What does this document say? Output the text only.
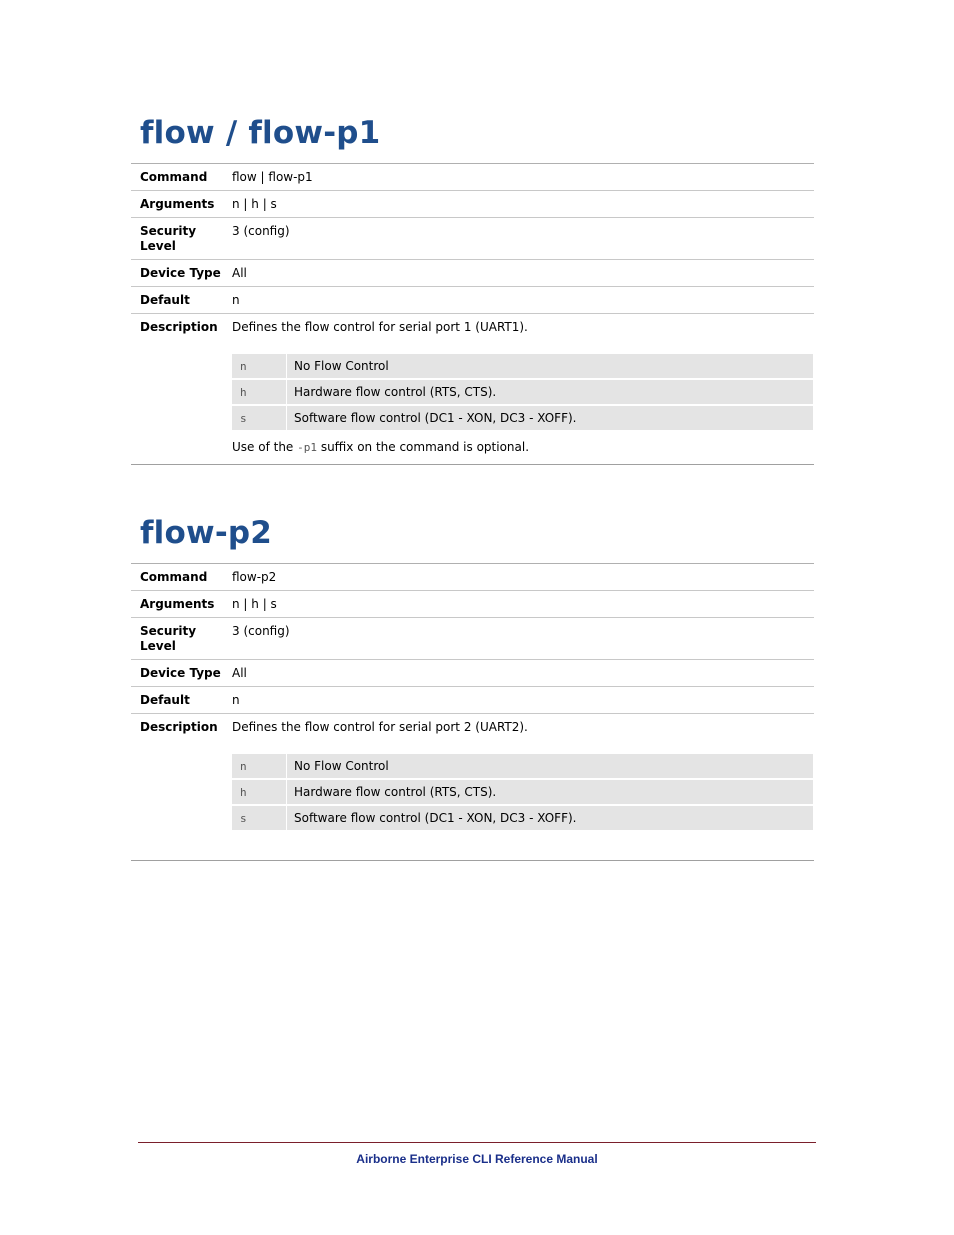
flow / flow-p1
Command	flow | flow-p1
Arguments	n | h | s
Security Level	3 (config)
Device Type	All
Default	n
Description	Defines the flow control for serial port 1 (UART1).
n	No Flow Control
h	Hardware flow control (RTS, CTS).
s	Software flow control (DC1 - XON, DC3 - XOFF).
Use of the -p1 suffix on the command is optional.
flow-p2
Command	flow-p2
Arguments	n | h | s
Security Level	3 (config)
Device Type	All
Default	n
Description	Defines the flow control for serial port 2 (UART2).
n	No Flow Control
h	Hardware flow control (RTS, CTS).
s	Software flow control (DC1 - XON, DC3 - XOFF).
Airborne Enterprise CLI Reference Manual
